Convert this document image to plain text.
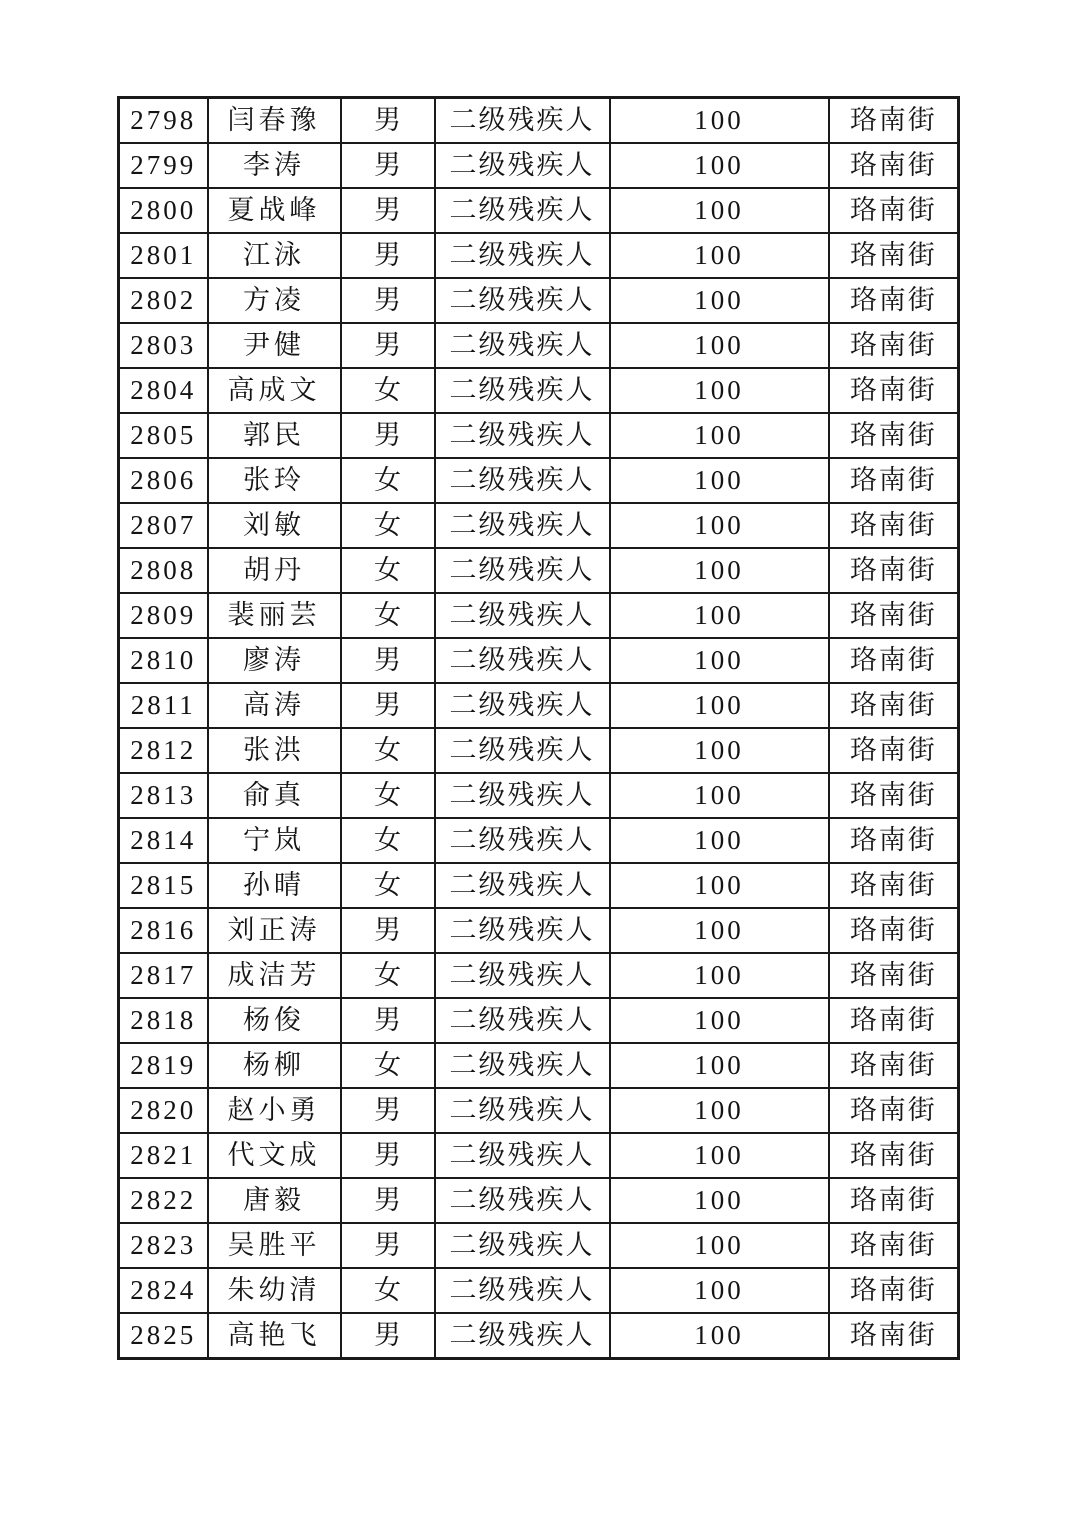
2798	闫春豫	男	二级残疾人	100	珞南街
2799	李涛	男	二级残疾人	100	珞南街
2800	夏战峰	男	二级残疾人	100	珞南街
2801	江泳	男	二级残疾人	100	珞南街
2802	方凌	男	二级残疾人	100	珞南街
2803	尹健	男	二级残疾人	100	珞南街
2804	高成文	女	二级残疾人	100	珞南街
2805	郭民	男	二级残疾人	100	珞南街
2806	张玲	女	二级残疾人	100	珞南街
2807	刘敏	女	二级残疾人	100	珞南街
2808	胡丹	女	二级残疾人	100	珞南街
2809	裴丽芸	女	二级残疾人	100	珞南街
2810	廖涛	男	二级残疾人	100	珞南街
2811	高涛	男	二级残疾人	100	珞南街
2812	张洪	女	二级残疾人	100	珞南街
2813	俞真	女	二级残疾人	100	珞南街
2814	宁岚	女	二级残疾人	100	珞南街
2815	孙晴	女	二级残疾人	100	珞南街
2816	刘正涛	男	二级残疾人	100	珞南街
2817	成洁芳	女	二级残疾人	100	珞南街
2818	杨俊	男	二级残疾人	100	珞南街
2819	杨柳	女	二级残疾人	100	珞南街
2820	赵小勇	男	二级残疾人	100	珞南街
2821	代文成	男	二级残疾人	100	珞南街
2822	唐毅	男	二级残疾人	100	珞南街
2823	吴胜平	男	二级残疾人	100	珞南街
2824	朱幼清	女	二级残疾人	100	珞南街
2825	高艳飞	男	二级残疾人	100	珞南街
